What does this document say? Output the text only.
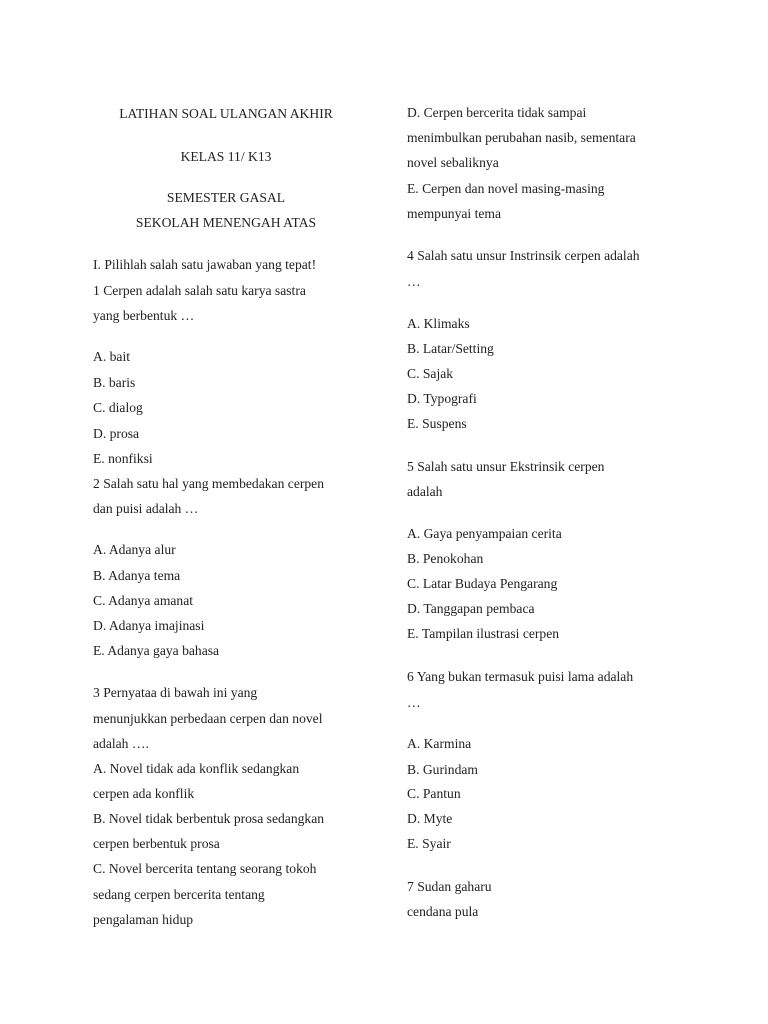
LATIHAN SOAL ULANGAN AKHIR
KELAS 11/ K13
SEMESTER GASAL
SEKOLAH MENENGAH ATAS
I. Pilihlah salah satu jawaban yang tepat!
1 Cerpen adalah salah satu karya sastra
yang berbentuk …
A. bait
B. baris
C. dialog
D. prosa
E. nonfiksi
2 Salah satu hal yang membedakan cerpen
dan puisi adalah …
A. Adanya alur
B. Adanya tema
C. Adanya amanat
D. Adanya imajinasi
E. Adanya gaya bahasa
3 Pernyataa di bawah ini yang
menunjukkan perbedaan cerpen dan novel
adalah ….
A. Novel tidak ada konflik sedangkan
cerpen ada konflik
B. Novel tidak berbentuk prosa sedangkan
cerpen berbentuk prosa
C. Novel bercerita tentang seorang tokoh
sedang cerpen bercerita tentang
pengalaman hidup
D. Cerpen bercerita tidak sampai
menimbulkan perubahan nasib, sementara
novel sebaliknya
E. Cerpen dan novel masing-masing
mempunyai tema
4 Salah satu unsur Instrinsik cerpen adalah
…
A. Klimaks
B. Latar/Setting
C. Sajak
D. Typografi
E. Suspens
5 Salah satu unsur Ekstrinsik cerpen
adalah
A. Gaya penyampaian cerita
B. Penokohan
C. Latar Budaya Pengarang
D. Tanggapan pembaca
E. Tampilan ilustrasi cerpen
6 Yang bukan termasuk puisi lama adalah
…
A. Karmina
B. Gurindam
C. Pantun
D. Myte
E. Syair
7 Sudan gaharu
cendana pula
